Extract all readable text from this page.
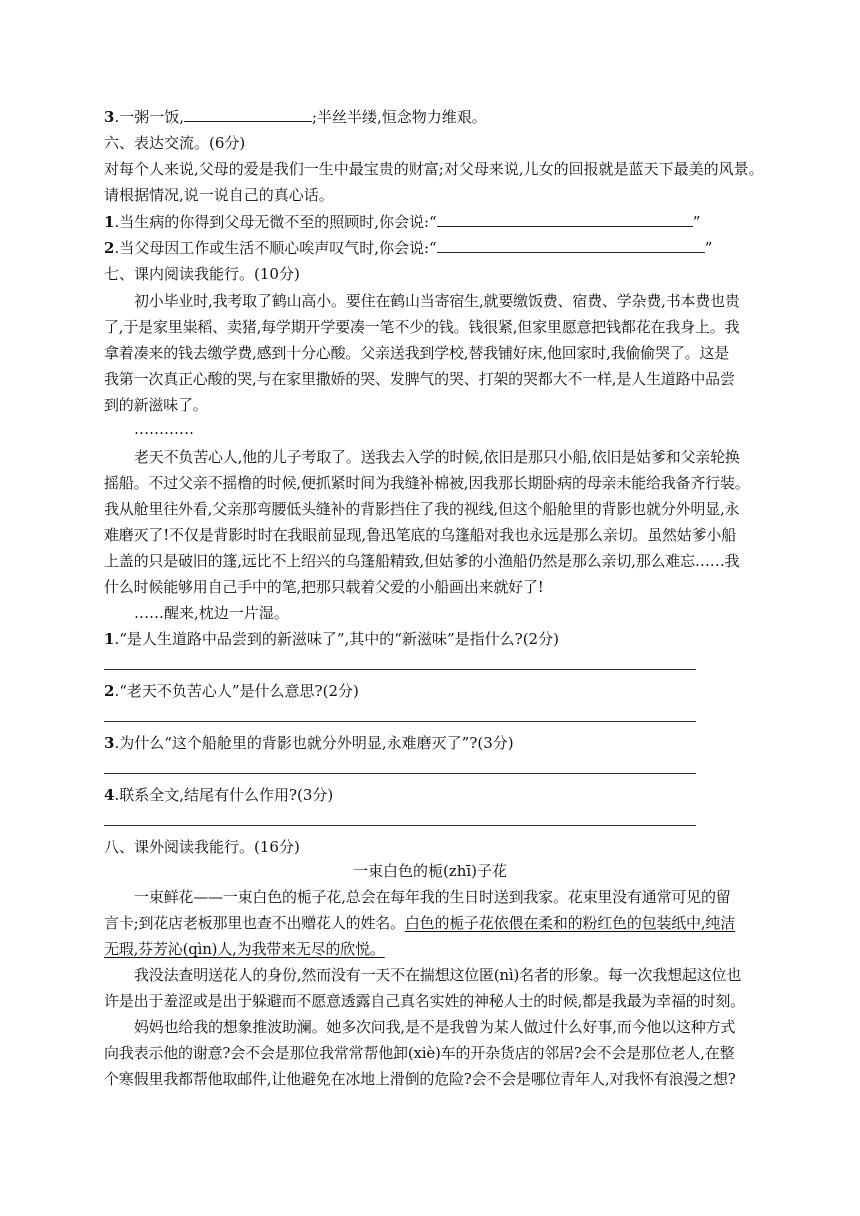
3.一粥一饭,	;半丝半缕,恒念物力维艰。
六、表达交流。(6分)
对每个人来说,父母的爱是我们一生中最宝贵的财富;对父母来说,儿女的回报就是蓝天下最美的风景。
请根据情况,说一说自己的真心话。
1.当生病的你得到父母无微不至的照顾时,你会说:“	”
2.当父母因工作或生活不顺心唉声叹气时,你会说:“	”
七、课内阅读我能行。(10分)
初小毕业时,我考取了鹤山高小。要住在鹤山当寄宿生,就要缴饭费、宿费、学杂费,书本费也贵
了,于是家里粜稻、卖猪,每学期开学要凑一笔不少的钱。钱很紧,但家里愿意把钱都花在我身上。我
拿着凑来的钱去缴学费,感到十分心酸。父亲送我到学校,替我铺好床,他回家时,我偷偷哭了。这是
我第一次真正心酸的哭,与在家里撒娇的哭、发脾气的哭、打架的哭都大不一样,是人生道路中品尝
到的新滋味了。
…………
老天不负苦心人,他的儿子考取了。送我去入学的时候,依旧是那只小船,依旧是姑爹和父亲轮换
摇船。不过父亲不摇橹的时候,便抓紧时间为我缝补棉被,因我那长期卧病的母亲未能给我备齐行装。
我从舱里往外看,父亲那弯腰低头缝补的背影挡住了我的视线,但这个船舱里的背影也就分外明显,永
难磨灭了!不仅是背影时时在我眼前显现,鲁迅笔底的乌篷船对我也永远是那么亲切。虽然姑爹小船
上盖的只是破旧的篷,远比不上绍兴的乌篷船精致,但姑爹的小渔船仍然是那么亲切,那么难忘……我
什么时候能够用自己手中的笔,把那只载着父爱的小船画出来就好了!
……醒来,枕边一片湿。
1.“是人生道路中品尝到的新滋味了”,其中的“新滋味”是指什么?(2分)
2.“老天不负苦心人”是什么意思?(2分)
3.为什么“这个船舱里的背影也就分外明显,永难磨灭了”?(3分)
4.联系全文,结尾有什么作用?(3分)
八、课外阅读我能行。(16分)
一束白色的栀(zhī)子花
一束鲜花——一束白色的栀子花,总会在每年我的生日时送到我家。花束里没有通常可见的留
言卡;到花店老板那里也查不出赠花人的姓名。白色的栀子花依偎在柔和的粉红色的包装纸中,纯洁
无瑕,芬芳沁(qìn)人,为我带来无尽的欣悦。
我没法查明送花人的身份,然而没有一天不在揣想这位匿(nì)名者的形象。每一次我想起这位也
许是出于羞涩或是出于躲避而不愿意透露自己真名实姓的神秘人士的时候,都是我最为幸福的时刻。
妈妈也给我的想象推波助澜。她多次问我,是不是我曾为某人做过什么好事,而今他以这种方式
向我表示他的谢意?会不会是那位我常常帮他卸(xiè)车的开杂货店的邻居?会不会是那位老人,在整
个寒假里我都帮他取邮件,让他避免在冰地上滑倒的危险?会不会是哪位青年人,对我怀有浪漫之想?
